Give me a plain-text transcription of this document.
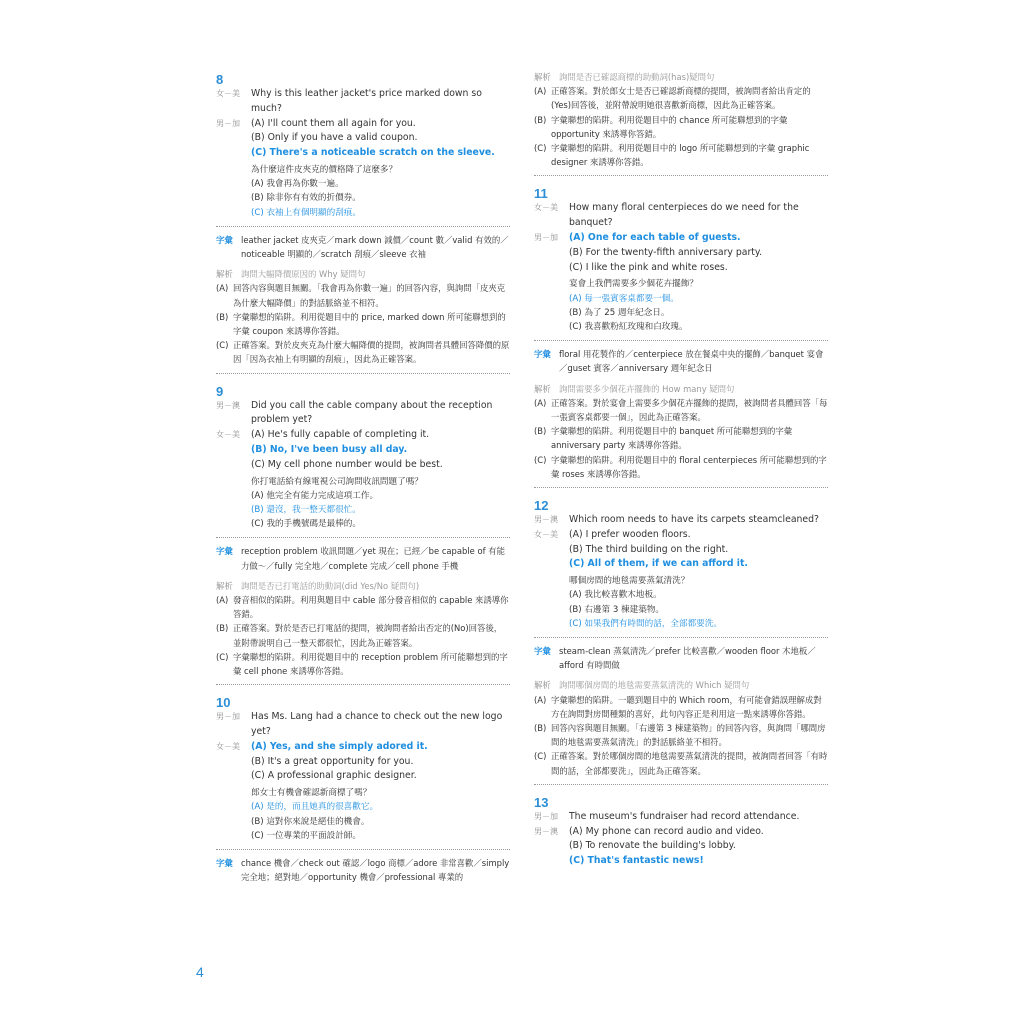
8
女－美 Why is this leather jacket's price marked down so much?
男－加 (A) I'll count them all again for you.
(B) Only if you have a valid coupon.
(C) There's a noticeable scratch on the sleeve.
為什麼這件皮夾克的價格降了這麼多？
(A) 我會再為你數一遍。
(B) 除非你有有效的折價券。
(C) 衣袖上有個明顯的刮痕。
字彙 leather jacket 皮夾克／mark down 減價／count 數／valid 有效的／noticeable 明顯的／scratch 刮痕／sleeve 衣袖
解析 詢問大幅降價原因的 Why 疑問句
(A) 回答內容與題目無關。「我會再為你數一遍」的回答內容，與詢問「皮夾克為什麼大幅降價」的對話脈絡並不相符。
(B) 字彙聯想的陷阱。利用從題目中的 price, marked down 所可能聯想到的字彙 coupon 來誘導你答錯。
(C) 正確答案。對於皮夾克為什麼大幅降價的提問，被詢問者具體回答降價的原因「因為衣袖上有明顯的刮痕」，因此為正確答案。
9
男－澳 Did you call the cable company about the reception problem yet?
女－美 (A) He's fully capable of completing it.
(B) No, I've been busy all day.
(C) My cell phone number would be best.
你打電話給有線電視公司詢問收訊問題了嗎？
(A) 他完全有能力完成這項工作。
(B) 還沒，我一整天都很忙。
(C) 我的手機號碼是最棒的。
字彙 reception problem 收訊問題／yet 現在；已經／be capable of 有能力做～／fully 完全地／complete 完成／cell phone 手機
解析 詢問是否已打電話的助動詞(did Yes/No 疑問句)
(A) 發音相似的陷阱。利用與題目中 cable 部分發音相似的 capable 來誘導你答錯。
(B) 正確答案。對於是否已打電話的提問，被詢問者給出否定的(No)回答後，並附帶說明自己一整天都很忙，因此為正確答案。
(C) 字彙聯想的陷阱。利用從題目中的 reception problem 所可能聯想到的字彙 cell phone 來誘導你答錯。
10
男－加 Has Ms. Lang had a chance to check out the new logo yet?
女－美 (A) Yes, and she simply adored it.
(B) It's a great opportunity for you.
(C) A professional graphic designer.
郎女士有機會確認新商標了嗎？
(A) 是的，而且她真的很喜歡它。
(B) 這對你來說是絕佳的機會。
(C) 一位專業的平面設計師。
字彙 chance 機會／check out 確認／logo 商標／adore 非常喜歡／simply 完全地；絕對地／opportunity 機會／professional 專業的
解析 詢問是否已確認商標的助動詞(has)疑問句
(A) 正確答案。對於郎女士是否已確認新商標的提問，被詢問者給出肯定的(Yes)回答後，並附帶說明她很喜歡新商標，因此為正確答案。
(B) 字彙聯想的陷阱。利用從題目中的 chance 所可能聯想到的字彙 opportunity 來誘導你答錯。
(C) 字彙聯想的陷阱。利用從題目中的 logo 所可能聯想到的字彙 graphic designer 來誘導你答錯。
11
女－美 How many floral centerpieces do we need for the banquet?
男－加 (A) One for each table of guests.
(B) For the twenty-fifth anniversary party.
(C) I like the pink and white roses.
宴會上我們需要多少個花卉擺飾？
(A) 每一張賓客桌都要一個。
(B) 為了 25 週年紀念日。
(C) 我喜歡粉紅玫瑰和白玫瑰。
字彙 floral 用花製作的／centerpiece 放在餐桌中央的擺飾／banquet 宴會／guset 賓客／anniversary 週年紀念日
解析 詢問需要多少個花卉擺飾的 How many 疑問句
(A) 正確答案。對於宴會上需要多少個花卉擺飾的提問，被詢問者具體回答「每一張賓客桌都要一個」，因此為正確答案。
(B) 字彙聯想的陷阱。利用從題目中的 banquet 所可能聯想到的字彙 anniversary party 來誘導你答錯。
(C) 字彙聯想的陷阱。利用從題目中的 floral centerpieces 所可能聯想到的字彙 roses 來誘導你答錯。
12
男－澳 Which room needs to have its carpets steamcleaned?
女－美 (A) I prefer wooden floors.
(B) The third building on the right.
(C) All of them, if we can afford it.
哪個房間的地毯需要蒸氣清洗？
(A) 我比較喜歡木地板。
(B) 右邊第 3 棟建築物。
(C) 如果我們有時間的話，全部都要洗。
字彙 steam-clean 蒸氣清洗／prefer 比較喜歡／wooden floor 木地板／afford 有時間做
解析 詢問哪個房間的地毯需要蒸氣清洗的 Which 疑問句
(A) 字彙聯想的陷阱。一聽到題目中的 Which room，有可能會錯誤理解成對方在詢問對房間種類的喜好，此句內容正是利用這一點來誘導你答錯。
(B) 回答內容與題目無關。「右邊第 3 棟建築物」的回答內容，與詢問「哪間房間的地毯需要蒸氣清洗」的對話脈絡並不相符。
(C) 正確答案。對於哪個房間的地毯需要蒸氣清洗的提問，被詢問者回答「有時間的話，全部都要洗」，因此為正確答案。
13
男－加 The museum's fundraiser had record attendance.
男－澳 (A) My phone can record audio and video.
(B) To renovate the building's lobby.
(C) That's fantastic news!
4
